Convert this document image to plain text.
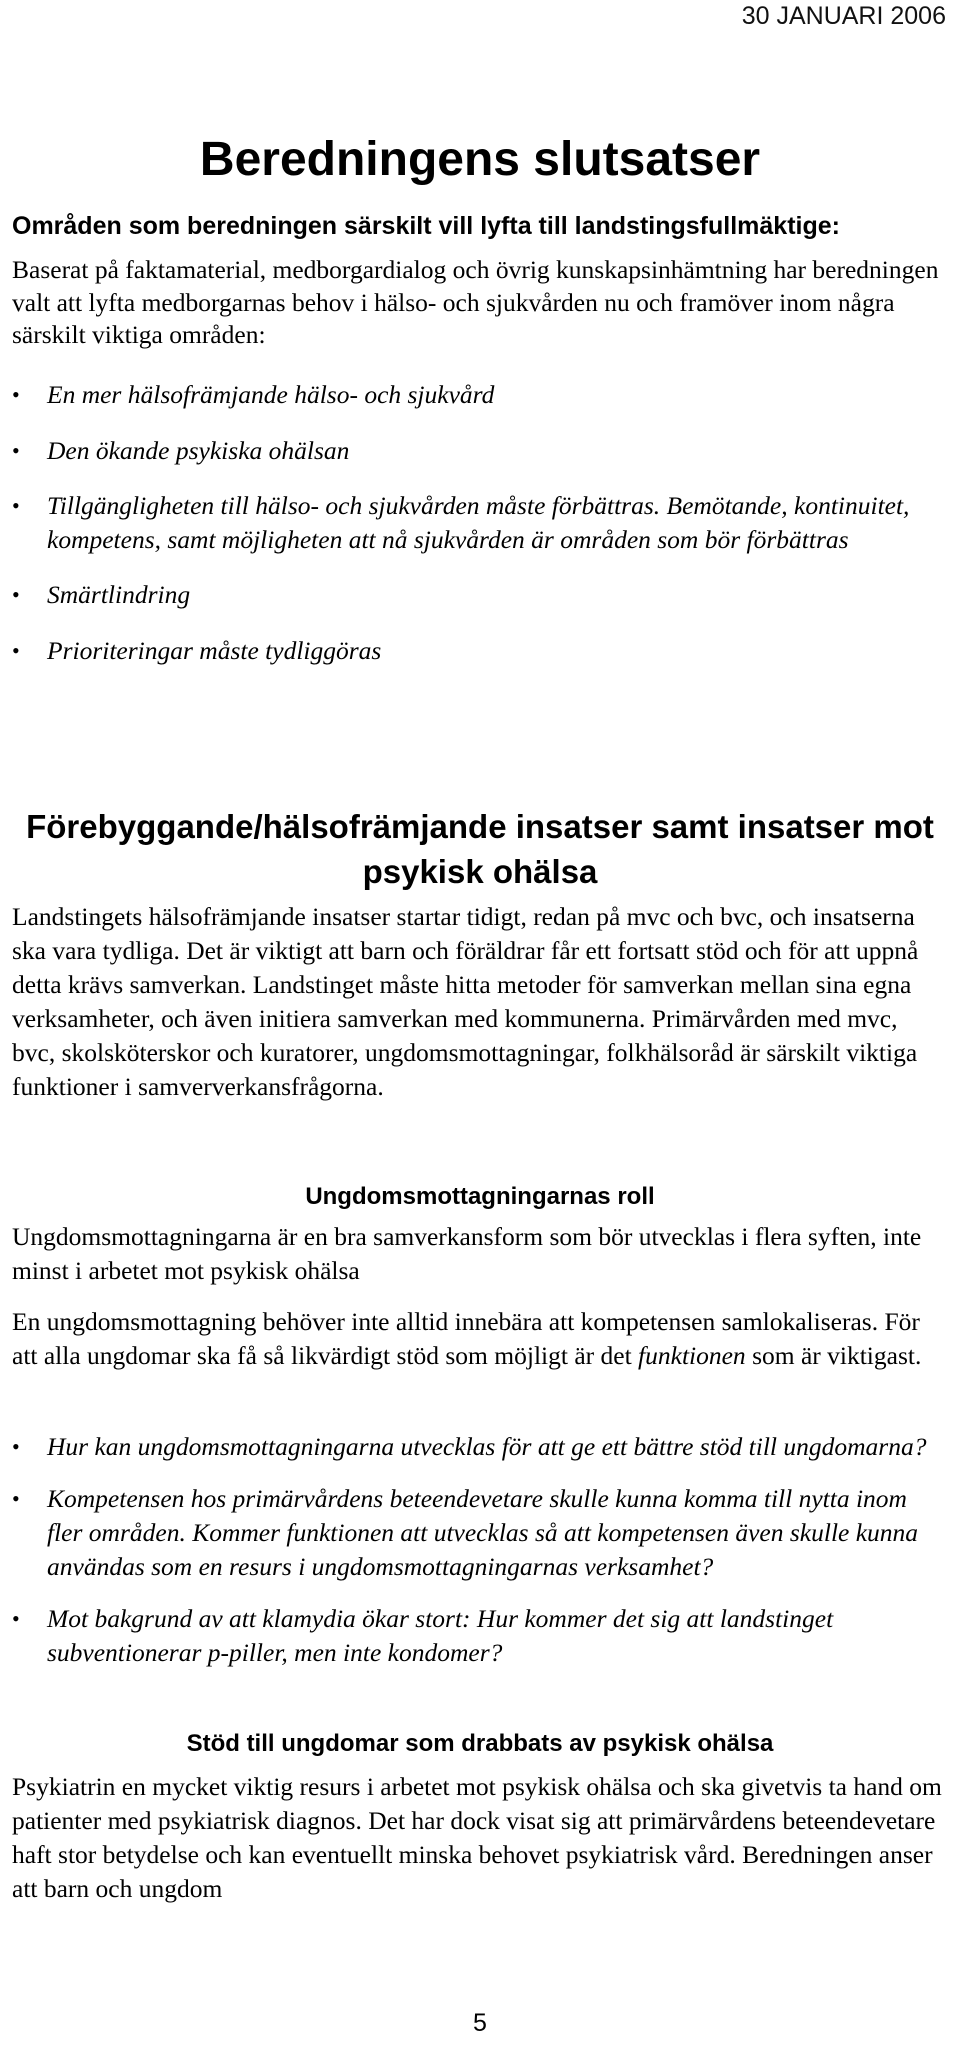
30 JANUARI 2006
Beredningens slutsatser
Områden som beredningen särskilt vill lyfta till landstingsfullmäktige:

Baserat på faktamaterial, medborgardialog och övrig kunskapsinhämtning har beredningen valt att lyfta medborgarnas behov i hälso- och sjukvården nu och framöver inom några särskilt viktiga områden:

• En mer hälsofrämjande hälso- och sjukvård
• Den ökande psykiska ohälsan
• Tillgängligheten till hälso- och sjukvården måste förbättras. Bemötande, kontinuitet, kompetens, samt möjligheten att nå sjukvården är områden som bör förbättras
• Smärtlindring
• Prioriteringar måste tydliggöras
Förebyggande/hälsofrämjande insatser samt insatser mot psykisk ohälsa

Landstingets hälsofrämjande insatser startar tidigt, redan på mvc och bvc, och insatserna ska vara tydliga. Det är viktigt att barn och föräldrar får ett fortsatt stöd och för att uppnå detta krävs samverkan. Landstinget måste hitta metoder för samverkan mellan sina egna verksamheter, och även initiera samverkan med kommunerna. Primärvården med mvc, bvc, skolsköterskor och kuratorer, ungdomsmottagningar, folkhälsoråd är särskilt viktiga funktioner i samververkansfrågorna.

Ungdomsmottagningarnas roll

Ungdomsmottagningarna är en bra samverkansform som bör utvecklas i flera syften, inte minst i arbetet mot psykisk ohälsa

En ungdomsmottagning behöver inte alltid innebära att kompetensen samlokaliseras. För att alla ungdomar ska få så likvärdigt stöd som möjligt är det funktionen som är viktigast.

• Hur kan ungdomsmottagningarna utvecklas för att ge ett bättre stöd till ungdomarna?
• Kompetensen hos primärvårdens beteendevetare skulle kunna komma till nytta inom fler områden. Kommer funktionen att utvecklas så att kompetensen även skulle kunna användas som en resurs i ungdomsmottagningarnas verksamhet?
• Mot bakgrund av att klamydia ökar stort: Hur kommer det sig att landstinget subventionerar p-piller, men inte kondomer?
Stöd till ungdomar som drabbats av psykisk ohälsa

Psykiatrin en mycket viktig resurs i arbetet mot psykisk ohälsa och ska givetvis ta hand om patienter med psykiatrisk diagnos. Det har dock visat sig att primärvårdens beteendevetare haft stor betydelse och kan eventuellt minska behovet psykiatrisk vård. Beredningen anser att barn och ungdom

5
